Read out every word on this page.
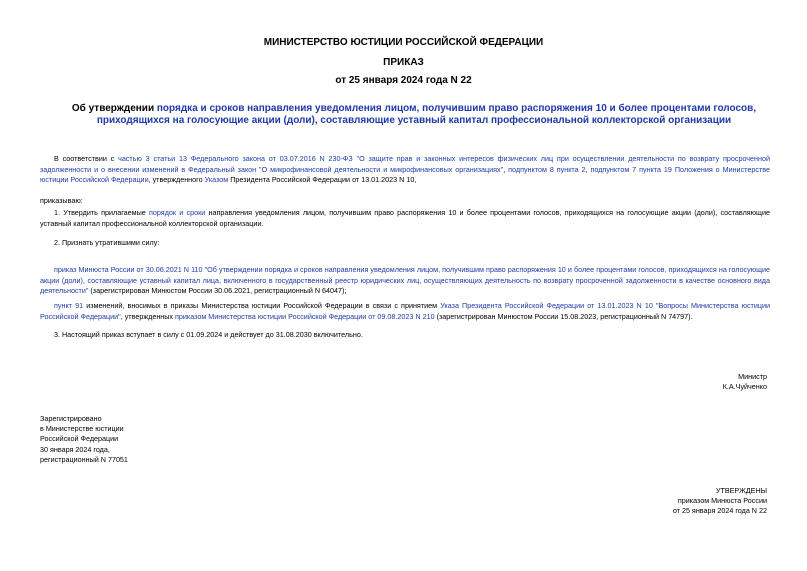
МИНИСТЕРСТВО ЮСТИЦИИ РОССИЙСКОЙ ФЕДЕРАЦИИ
ПРИКАЗ
от 25 января 2024 года N 22
Об утверждении порядка и сроков направления уведомления лицом, получившим право распоряжения 10 и более процентами голосов, приходящихся на голосующие акции (доли), составляющие уставный капитал профессиональной коллекторской организации
В соответствии с частью 3 статьи 13 Федерального закона от 03.07.2016 N 230-ФЗ "О защите прав и законных интересов физических лиц при осуществлении деятельности по возврату просроченной задолженности и о внесении изменений в Федеральный закон "О микрофинансовой деятельности и микрофинансовых организациях", подпунктом 8 пункта 2, подпунктом 7 пункта 19 Положения о Министерстве юстиции Российской Федерации, утвержденного Указом Президента Российской Федерации от 13.01.2023 N 10,
приказываю:
1. Утвердить прилагаемые порядок и сроки направления уведомления лицом, получившим право распоряжения 10 и более процентами голосов, приходящихся на голосующие акции (доли), составляющие уставный капитал профессиональной коллекторской организации.
2. Признать утратившими силу:
приказ Минюста России от 30.06.2021 N 110 "Об утверждении порядка и сроков направления уведомления лицом, получившим право распоряжения 10 и более процентами голосов, приходящихся на голосующие акции (доли), составляющие уставный капитал лица, включенного в государственный реестр юридических лиц, осуществляющих деятельность по возврату просроченной задолженности в качестве основного вида деятельности" (зарегистрирован Минюстом России 30.06.2021, регистрационный N 64047);
пункт 91 изменений, вносимых в приказы Министерства юстиции Российской Федерации в связи с принятием Указа Президента Российской Федерации от 13.01.2023 N 10 "Вопросы Министерства юстиции Российской Федерации", утвержденных приказом Министерства юстиции Российской Федерации от 09.08.2023 N 210 (зарегистрирован Минюстом России 15.08.2023, регистрационный N 74797).
3. Настоящий приказ вступает в силу с 01.09.2024 и действует до 31.08.2030 включительно.
Министр
К.А.Чуйченко
Зарегистрировано
в Министерстве юстиции
Российской Федерации
30 января 2024 года,
регистрационный N 77051
УТВЕРЖДЕНЫ
приказом Минюста России
от 25 января 2024 года N 22
